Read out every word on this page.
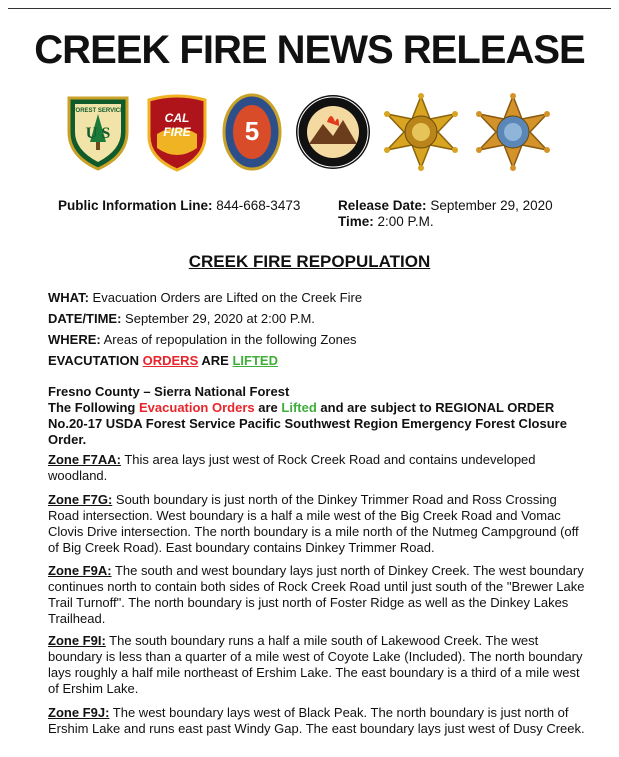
CREEK FIRE NEWS RELEASE
FOREST SERVICE
U S
CAL
FIRE 5
Public Information Line: 844-668-3473	Release Date: September 29, 2020
Time: 2:00 P.M.
CREEK FIRE REPOPULATION

WHAT: Evacuation Orders are Lifted on the Creek Fire

DATE/TIME: September 29, 2020 at 2:00 P.M.

WHERE: Areas of repopulation in the following Zones

EVACUTATION ORDERS ARE LIFTED

Fresno County – Sierra National Forest

The Following Evacuation Orders are Lifted and are subject to REGIONAL ORDER No.20-17 USDA Forest Service Pacific Southwest Region Emergency Forest Closure Order.

Zone F7AA: This area lays just west of Rock Creek Road and contains undeveloped woodland.

Zone F7G: South boundary is just north of the Dinkey Trimmer Road and Ross Crossing Road intersection. West boundary is a half a mile west of the Big Creek Road and Vomac Clovis Drive intersection. The north boundary is a mile north of the Nutmeg Campground (off of Big Creek Road). East boundary contains Dinkey Trimmer Road.

Zone F9A: The south and west boundary lays just north of Dinkey Creek. The west boundary continues north to contain both sides of Rock Creek Road until just south of the "Brewer Lake Trail Turnoff". The north boundary is just north of Foster Ridge as well as the Dinkey Lakes Trailhead.

Zone F9I: The south boundary runs a half a mile south of Lakewood Creek. The west boundary is less than a quarter of a mile west of Coyote Lake (Included). The north boundary lays roughly a half mile northeast of Ershim Lake. The east boundary is a third of a mile west of Ershim Lake.

Zone F9J: The west boundary lays west of Black Peak. The north boundary is just north of Ershim Lake and runs east past Windy Gap. The east boundary lays just west of Dusy Creek.
